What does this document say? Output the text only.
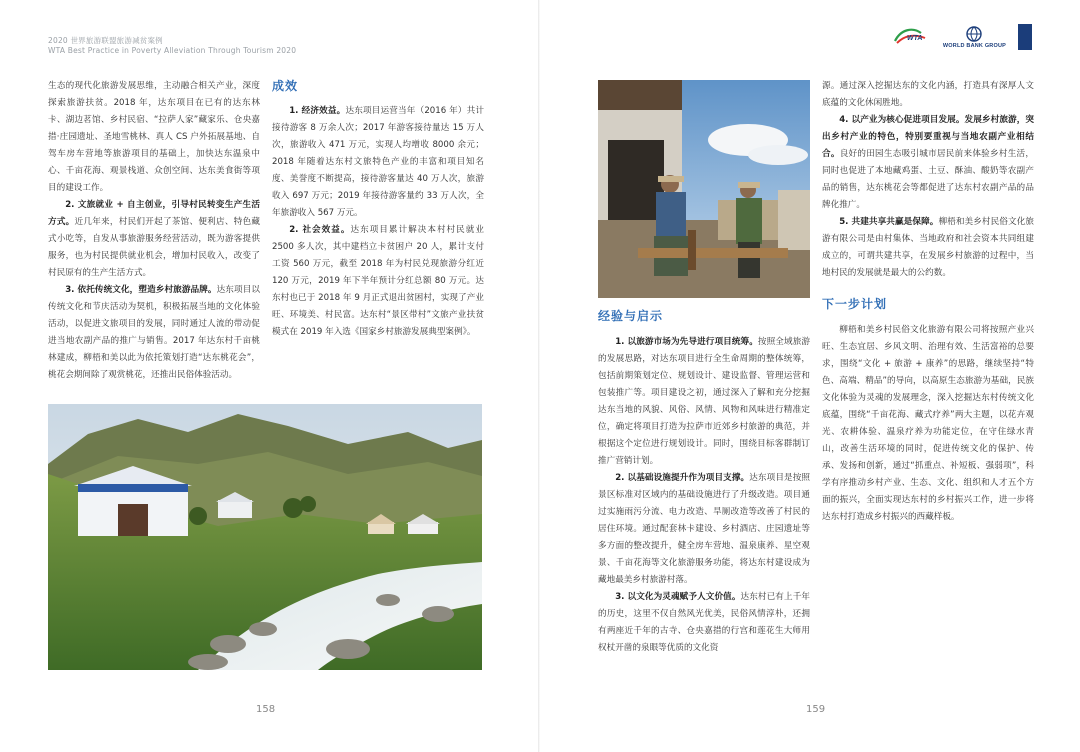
2020 世界旅游联盟旅游减贫案例
WTA Best Practice in Poverty Alleviation Through Tourism 2020

生态的现代化旅游发展思维，主动融合相关产业，深度探索旅游扶贫。2018 年，达东项目在已有的达东林卡、湖边茗馆、乡村民宿、“拉萨人家”藏家乐、仓央嘉措·庄园遗址、圣地雪桃林、真人 CS 户外拓展基地、自驾车房车营地等旅游项目的基础上，加快达东温泉中心、千亩花海、观景栈道、众创空间、达东美食街等项目的建设工作。

2. 文旅就业 + 自主创业，引导村民转变生产生活方式。近几年来，村民们开起了茶馆、便利店、特色藏式小吃等，自发从事旅游服务经营活动，既为游客提供服务，也为村民提供就业机会，增加村民收入，改变了村民原有的生产生活方式。

3. 依托传统文化，塑造乡村旅游品牌。达东项目以传统文化和节庆活动为契机，积极拓展当地的文化体验活动，以促进文旅项目的发展，同时通过人流的带动促进当地农副产品的推广与销售。2017 年达东村千亩桃林建成，柳梧和美以此为依托策划打造“达东桃花会”，桃花会期间除了观赏桃花，还推出民俗体验活动。

成效

1. 经济效益。达东项目运营当年（2016 年）共计接待游客 8 万余人次；2017 年游客接待量达 15 万人次，旅游收入 471 万元，实现人均增收 8000 余元；2018 年随着达东村文旅特色产业的丰富和项目知名度、美誉度不断提高，接待游客量达 40 万人次，旅游收入 697 万元；2019 年接待游客量约 33 万人次，全年旅游收入 567 万元。

2. 社会效益。达东项目累计解决本村村民就业 2500 多人次，其中建档立卡贫困户 20 人，累计支付工资 560 万元，截至 2018 年为村民兑现旅游分红近 120 万元，2019 年下半年预计分红总额 80 万元。达东村也已于 2018 年 9 月正式退出贫困村，实现了产业旺、环境美、村民富。达东村“景区带村”文旅产业扶贫模式在 2019 年入选《国家乡村旅游发展典型案例》。

158
WTA
WORLD BANK GROUP
经验与启示

1. 以旅游市场为先导进行项目统筹。按照全域旅游的发展思路，对达东项目进行全生命周期的整体统筹，包括前期策划定位、规划设计、建设监督、管理运营和包装推广等。项目建设之初，通过深入了解和充分挖掘达东当地的风貌、风俗、风情、风物和风味进行精准定位，确定将项目打造为拉萨市近郊乡村旅游的典范，并根据这个定位进行规划设计。同时，围绕目标客群制订推广营销计划。

2. 以基础设施提升作为项目支撑。达东项目是按照景区标准对区域内的基础设施进行了升级改造。项目通过实施雨污分流、电力改造、旱厕改造等改善了村民的居住环境。通过配套林卡建设、乡村酒店、庄园遗址等多方面的整改提升，健全房车营地、温泉康养、星空观景、千亩花海等文化旅游服务功能，将达东村建设成为藏地最美乡村旅游村落。

3. 以文化为灵魂赋予人文价值。达东村已有上千年的历史，这里不仅自然风光优美，民俗风情淳朴，还拥有两座近千年的古寺、仓央嘉措的行宫和莲花生大师用权杖开凿的泉眼等优质的文化资

源。通过深入挖掘达东的文化内涵，打造具有深厚人文底蕴的文化休闲胜地。

4. 以产业为核心促进项目发展。发展乡村旅游，突出乡村产业的特色，特别要重视与当地农副产业相结合。良好的田园生态吸引城市居民前来体验乡村生活，同时也促进了本地藏鸡蛋、土豆、酥油、酸奶等农副产品的销售，达东桃花会等都促进了达东村农副产品的品牌化推广。

5. 共建共享共赢是保障。柳梧和美乡村民俗文化旅游有限公司是由村集体、当地政府和社会资本共同组建成立的，可谓共建共享，在发展乡村旅游的过程中，当地村民的发展就是最大的公约数。

下一步计划

柳梧和美乡村民俗文化旅游有限公司将按照产业兴旺、生态宜居、乡风文明、治理有效、生活富裕的总要求，围绕“文化 + 旅游 + 康养”的思路，继续坚持“特色、高端、精品”的导向，以高原生态旅游为基础，民族文化体验为灵魂的发展理念，深入挖掘达东村传统文化底蕴，围绕“千亩花海、藏式疗养”两大主题，以花卉观光、农耕体验、温泉疗养为功能定位，在守住绿水青山，改善生活环境的同时，促进传统文化的保护、传承、发扬和创新，通过“抓重点、补短板、强弱项”，科学有序推动乡村产业、生态、文化、组织和人才五个方面的振兴，全面实现达东村的乡村振兴工作，进一步将达东村打造成乡村振兴的西藏样板。

159
